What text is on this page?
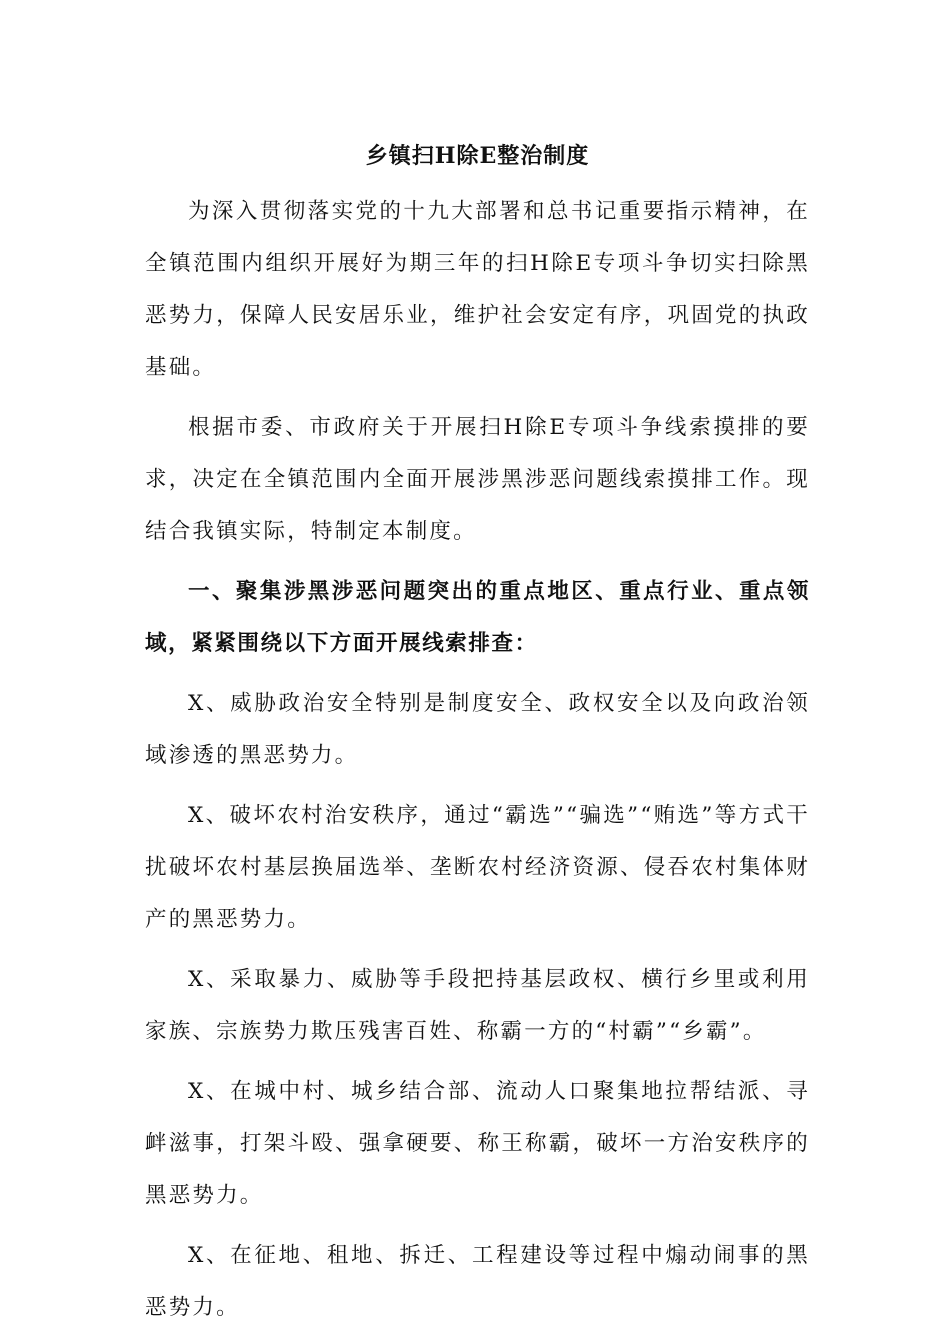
乡镇扫H除E整治制度

为深入贯彻落实党的十九大部署和总书记重要指示精神，在全镇范围内组织开展好为期三年的扫H除E专项斗争切实扫除黑恶势力，保障人民安居乐业，维护社会安定有序，巩固党的执政基础。

根据市委、市政府关于开展扫H除E专项斗争线索摸排的要求，决定在全镇范围内全面开展涉黑涉恶问题线索摸排工作。现结合我镇实际，特制定本制度。

一、聚集涉黑涉恶问题突出的重点地区、重点行业、重点领域，紧紧围绕以下方面开展线索排查：

X、威胁政治安全特别是制度安全、政权安全以及向政治领域渗透的黑恶势力。

X、破坏农村治安秩序，通过“霸选”“骗选”“贿选”等方式干扰破坏农村基层换届选举、垄断农村经济资源、侵吞农村集体财产的黑恶势力。

X、采取暴力、威胁等手段把持基层政权、横行乡里或利用家族、宗族势力欺压残害百姓、称霸一方的“村霸”“乡霸”。

X、在城中村、城乡结合部、流动人口聚集地拉帮结派、寻衅滋事，打架斗殴、强拿硬要、称王称霸，破坏一方治安秩序的黑恶势力。

X、在征地、租地、拆迁、工程建设等过程中煽动闹事的黑恶势力。
